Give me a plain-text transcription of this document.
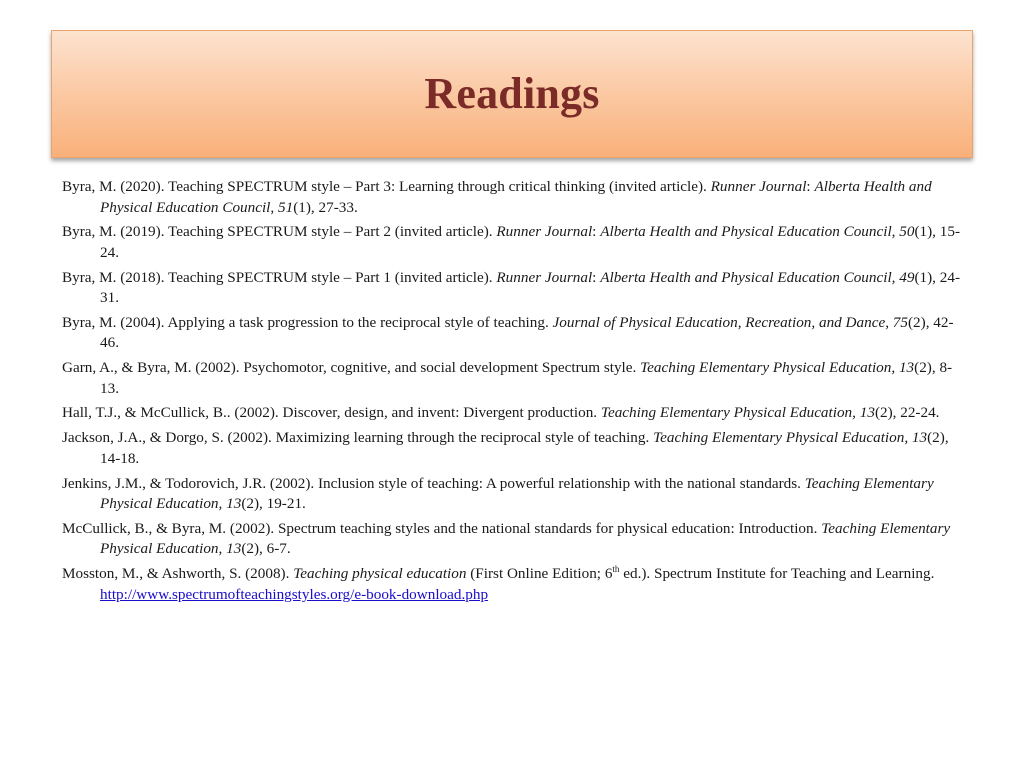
Readings

Byra, M. (2020). Teaching SPECTRUM style – Part 3: Learning through critical thinking (invited article). Runner Journal: Alberta Health and Physical Education Council, 51(1), 27-33.

Byra, M. (2019). Teaching SPECTRUM style – Part 2 (invited article). Runner Journal: Alberta Health and Physical Education Council, 50(1), 15-24.

Byra, M. (2018). Teaching SPECTRUM style – Part 1 (invited article). Runner Journal: Alberta Health and Physical Education Council, 49(1), 24-31.

Byra, M. (2004). Applying a task progression to the reciprocal style of teaching. Journal of Physical Education, Recreation, and Dance, 75(2), 42-46.

Garn, A., & Byra, M. (2002). Psychomotor, cognitive, and social development Spectrum style. Teaching Elementary Physical Education, 13(2), 8-13.

Hall, T.J., & McCullick, B.. (2002). Discover, design, and invent: Divergent production. Teaching Elementary Physical Education, 13(2), 22-24.

Jackson, J.A., & Dorgo, S. (2002). Maximizing learning through the reciprocal style of teaching. Teaching Elementary Physical Education, 13(2), 14-18.

Jenkins, J.M., & Todorovich, J.R. (2002). Inclusion style of teaching: A powerful relationship with the national standards. Teaching Elementary Physical Education, 13(2), 19-21.

McCullick, B., & Byra, M. (2002). Spectrum teaching styles and the national standards for physical education: Introduction. Teaching Elementary Physical Education, 13(2), 6-7.

Mosston, M., & Ashworth, S. (2008). Teaching physical education (First Online Edition; 6th ed.). Spectrum Institute for Teaching and Learning. http://www.spectrumofteachingstyles.org/e-book-download.php
